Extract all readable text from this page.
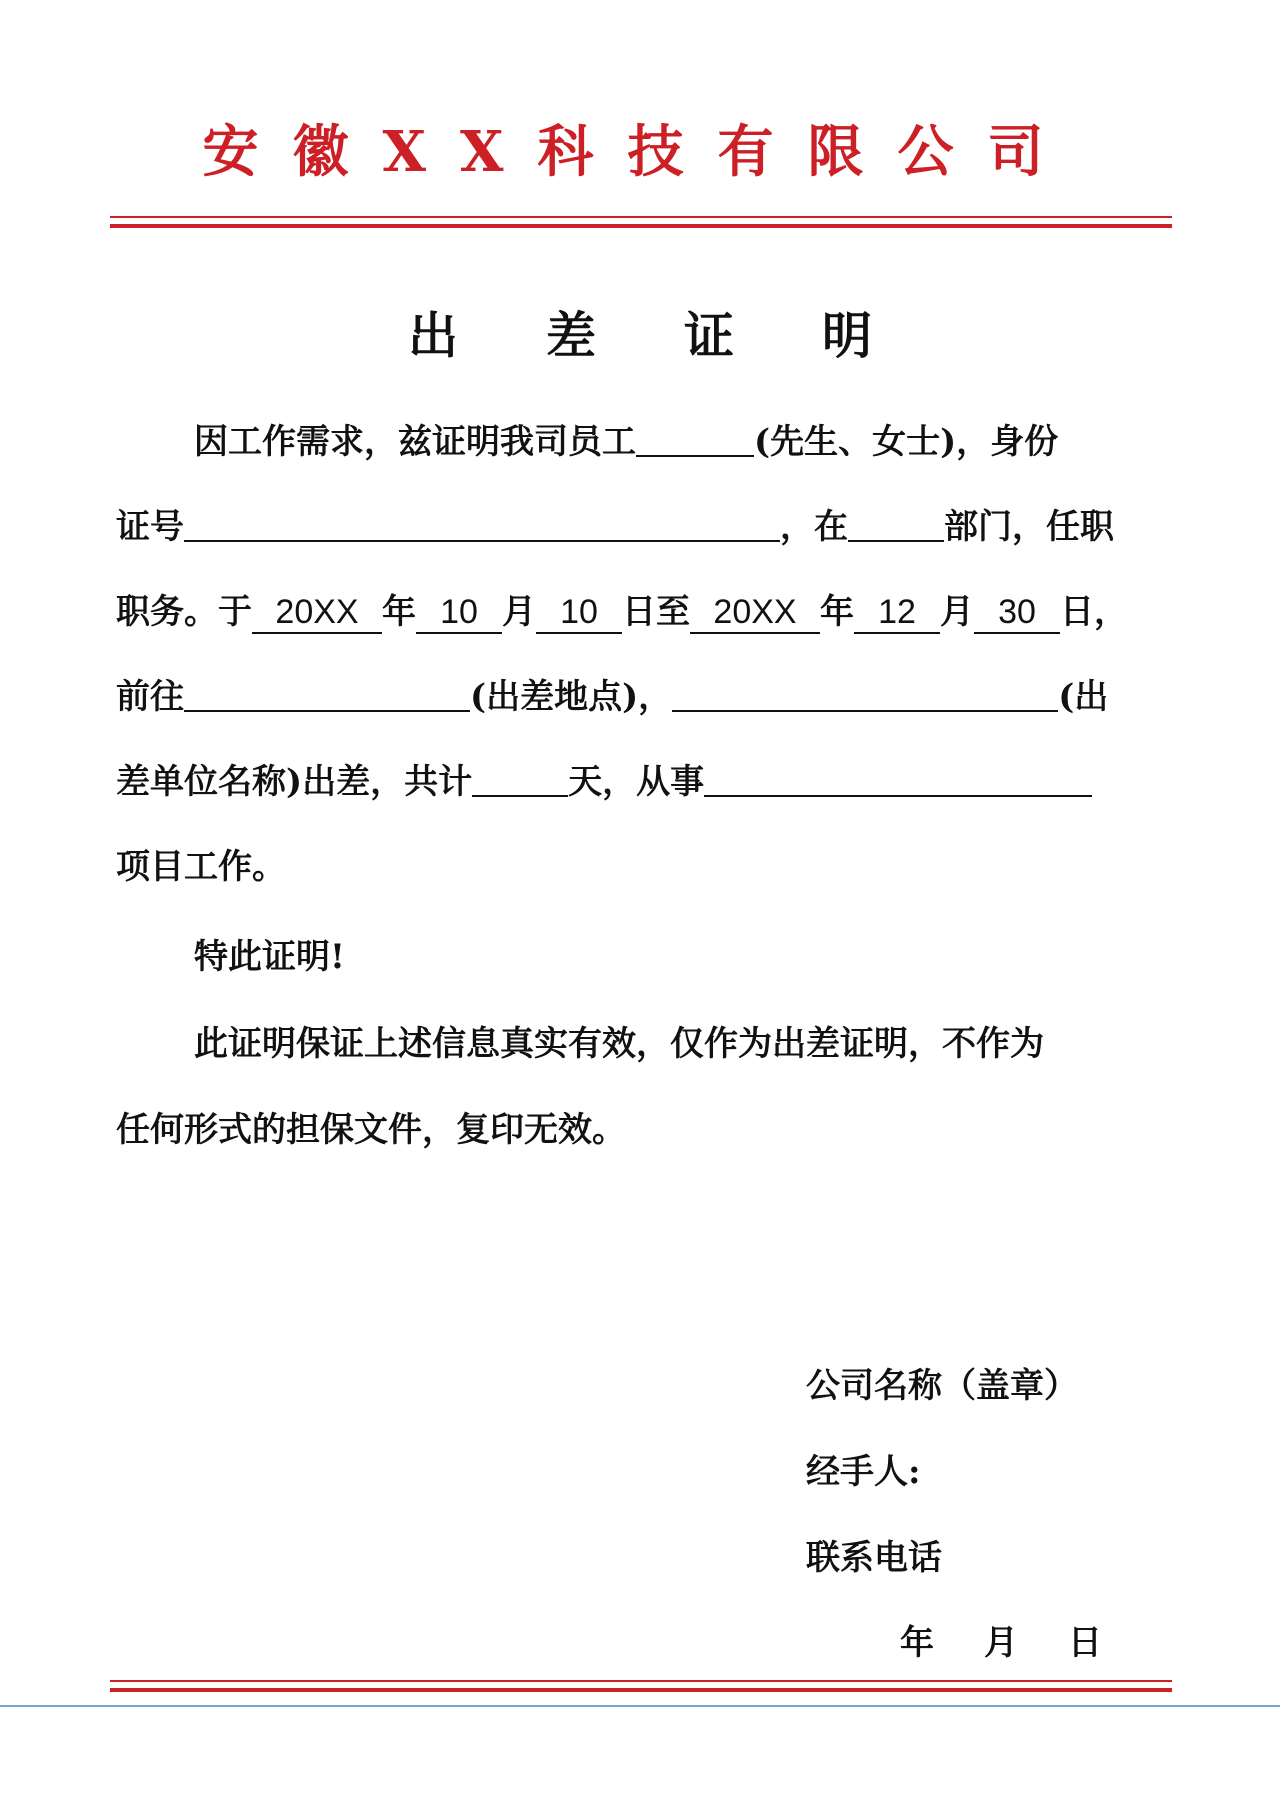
安徽XX科技有限公司
出差证明
因工作需求，兹证明我司员工	(先生、女士)，身份
证号	，在	部门，任职
职务。于 20XX 年 10 月 10 日至 20XX 年 12 月 30 日，
前往	(出差地点)，	(出
差单位名称)出差，共计	天，从事
项目工作。
特此证明!
此证明保证上述信息真实有效，仅作为出差证明，不作为
任何形式的担保文件，复印无效。
公司名称（盖章）
经手人:
联系电话
年 月 日
